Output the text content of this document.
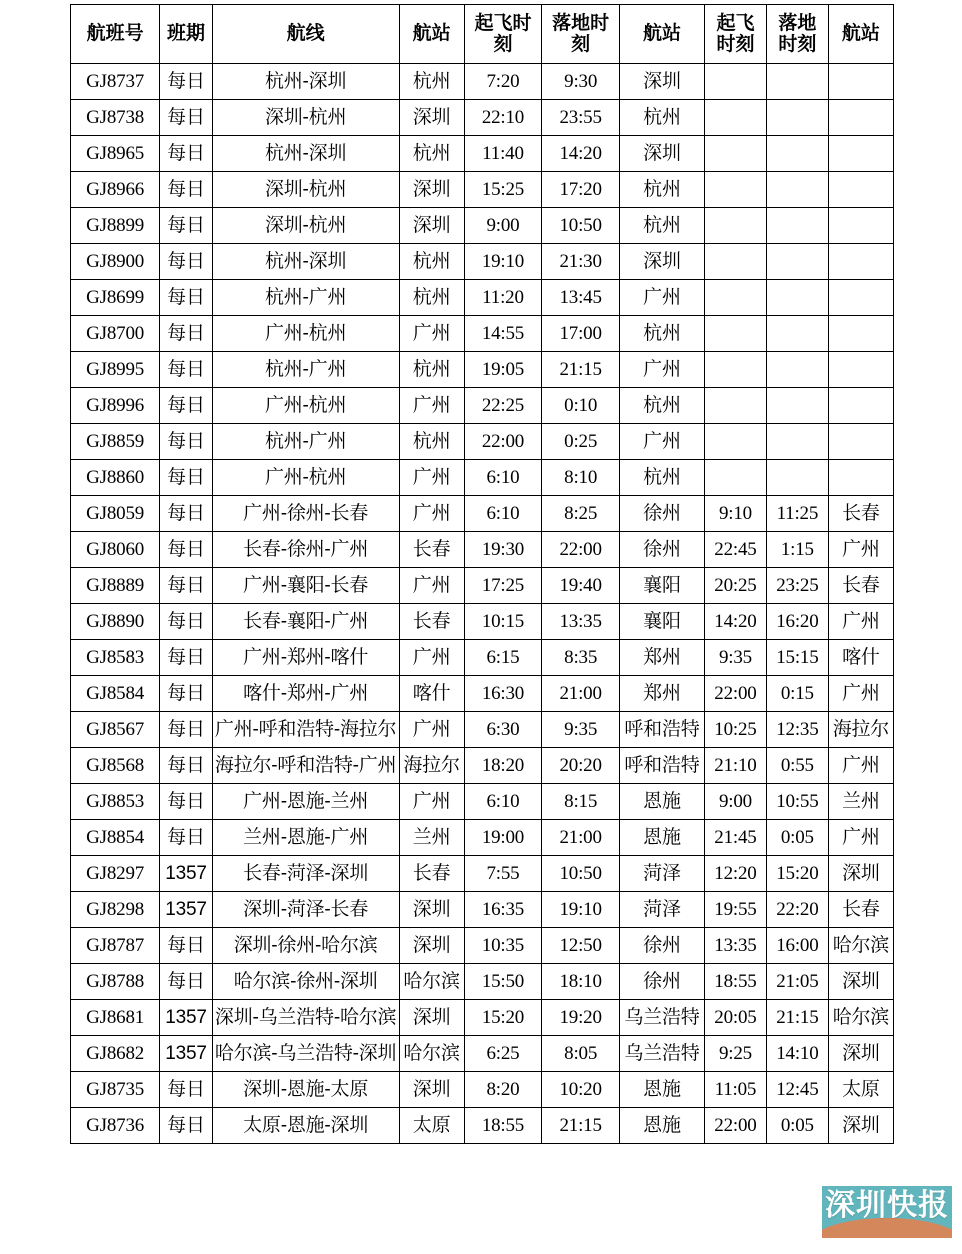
航班号	班期	航线	航站	起飞时刻	落地时刻	航站	起飞时刻	落地时刻	航站
GJ8737	每日	杭州-深圳	杭州	7:20	9:30	深圳			
GJ8738	每日	深圳-杭州	深圳	22:10	23:55	杭州			
GJ8965	每日	杭州-深圳	杭州	11:40	14:20	深圳			
GJ8966	每日	深圳-杭州	深圳	15:25	17:20	杭州			
GJ8899	每日	深圳-杭州	深圳	9:00	10:50	杭州			
GJ8900	每日	杭州-深圳	杭州	19:10	21:30	深圳			
GJ8699	每日	杭州-广州	杭州	11:20	13:45	广州			
GJ8700	每日	广州-杭州	广州	14:55	17:00	杭州			
GJ8995	每日	杭州-广州	杭州	19:05	21:15	广州			
GJ8996	每日	广州-杭州	广州	22:25	0:10	杭州			
GJ8859	每日	杭州-广州	杭州	22:00	0:25	广州			
GJ8860	每日	广州-杭州	广州	6:10	8:10	杭州			
GJ8059	每日	广州-徐州-长春	广州	6:10	8:25	徐州	9:10	11:25	长春
GJ8060	每日	长春-徐州-广州	长春	19:30	22:00	徐州	22:45	1:15	广州
GJ8889	每日	广州-襄阳-长春	广州	17:25	19:40	襄阳	20:25	23:25	长春
GJ8890	每日	长春-襄阳-广州	长春	10:15	13:35	襄阳	14:20	16:20	广州
GJ8583	每日	广州-郑州-喀什	广州	6:15	8:35	郑州	9:35	15:15	喀什
GJ8584	每日	喀什-郑州-广州	喀什	16:30	21:00	郑州	22:00	0:15	广州
GJ8567	每日	广州-呼和浩特-海拉尔	广州	6:30	9:35	呼和浩特	10:25	12:35	海拉尔
GJ8568	每日	海拉尔-呼和浩特-广州	海拉尔	18:20	20:20	呼和浩特	21:10	0:55	广州
GJ8853	每日	广州-恩施-兰州	广州	6:10	8:15	恩施	9:00	10:55	兰州
GJ8854	每日	兰州-恩施-广州	兰州	19:00	21:00	恩施	21:45	0:05	广州
GJ8297	1357	长春-菏泽-深圳	长春	7:55	10:50	菏泽	12:20	15:20	深圳
GJ8298	1357	深圳-菏泽-长春	深圳	16:35	19:10	菏泽	19:55	22:20	长春
GJ8787	每日	深圳-徐州-哈尔滨	深圳	10:35	12:50	徐州	13:35	16:00	哈尔滨
GJ8788	每日	哈尔滨-徐州-深圳	哈尔滨	15:50	18:10	徐州	18:55	21:05	深圳
GJ8681	1357	深圳-乌兰浩特-哈尔滨	深圳	15:20	19:20	乌兰浩特	20:05	21:15	哈尔滨
GJ8682	1357	哈尔滨-乌兰浩特-深圳	哈尔滨	6:25	8:05	乌兰浩特	9:25	14:10	深圳
GJ8735	每日	深圳-恩施-太原	深圳	8:20	10:20	恩施	11:05	12:45	太原
GJ8736	每日	太原-恩施-深圳	太原	18:55	21:15	恩施	22:00	0:05	深圳
深圳快报
